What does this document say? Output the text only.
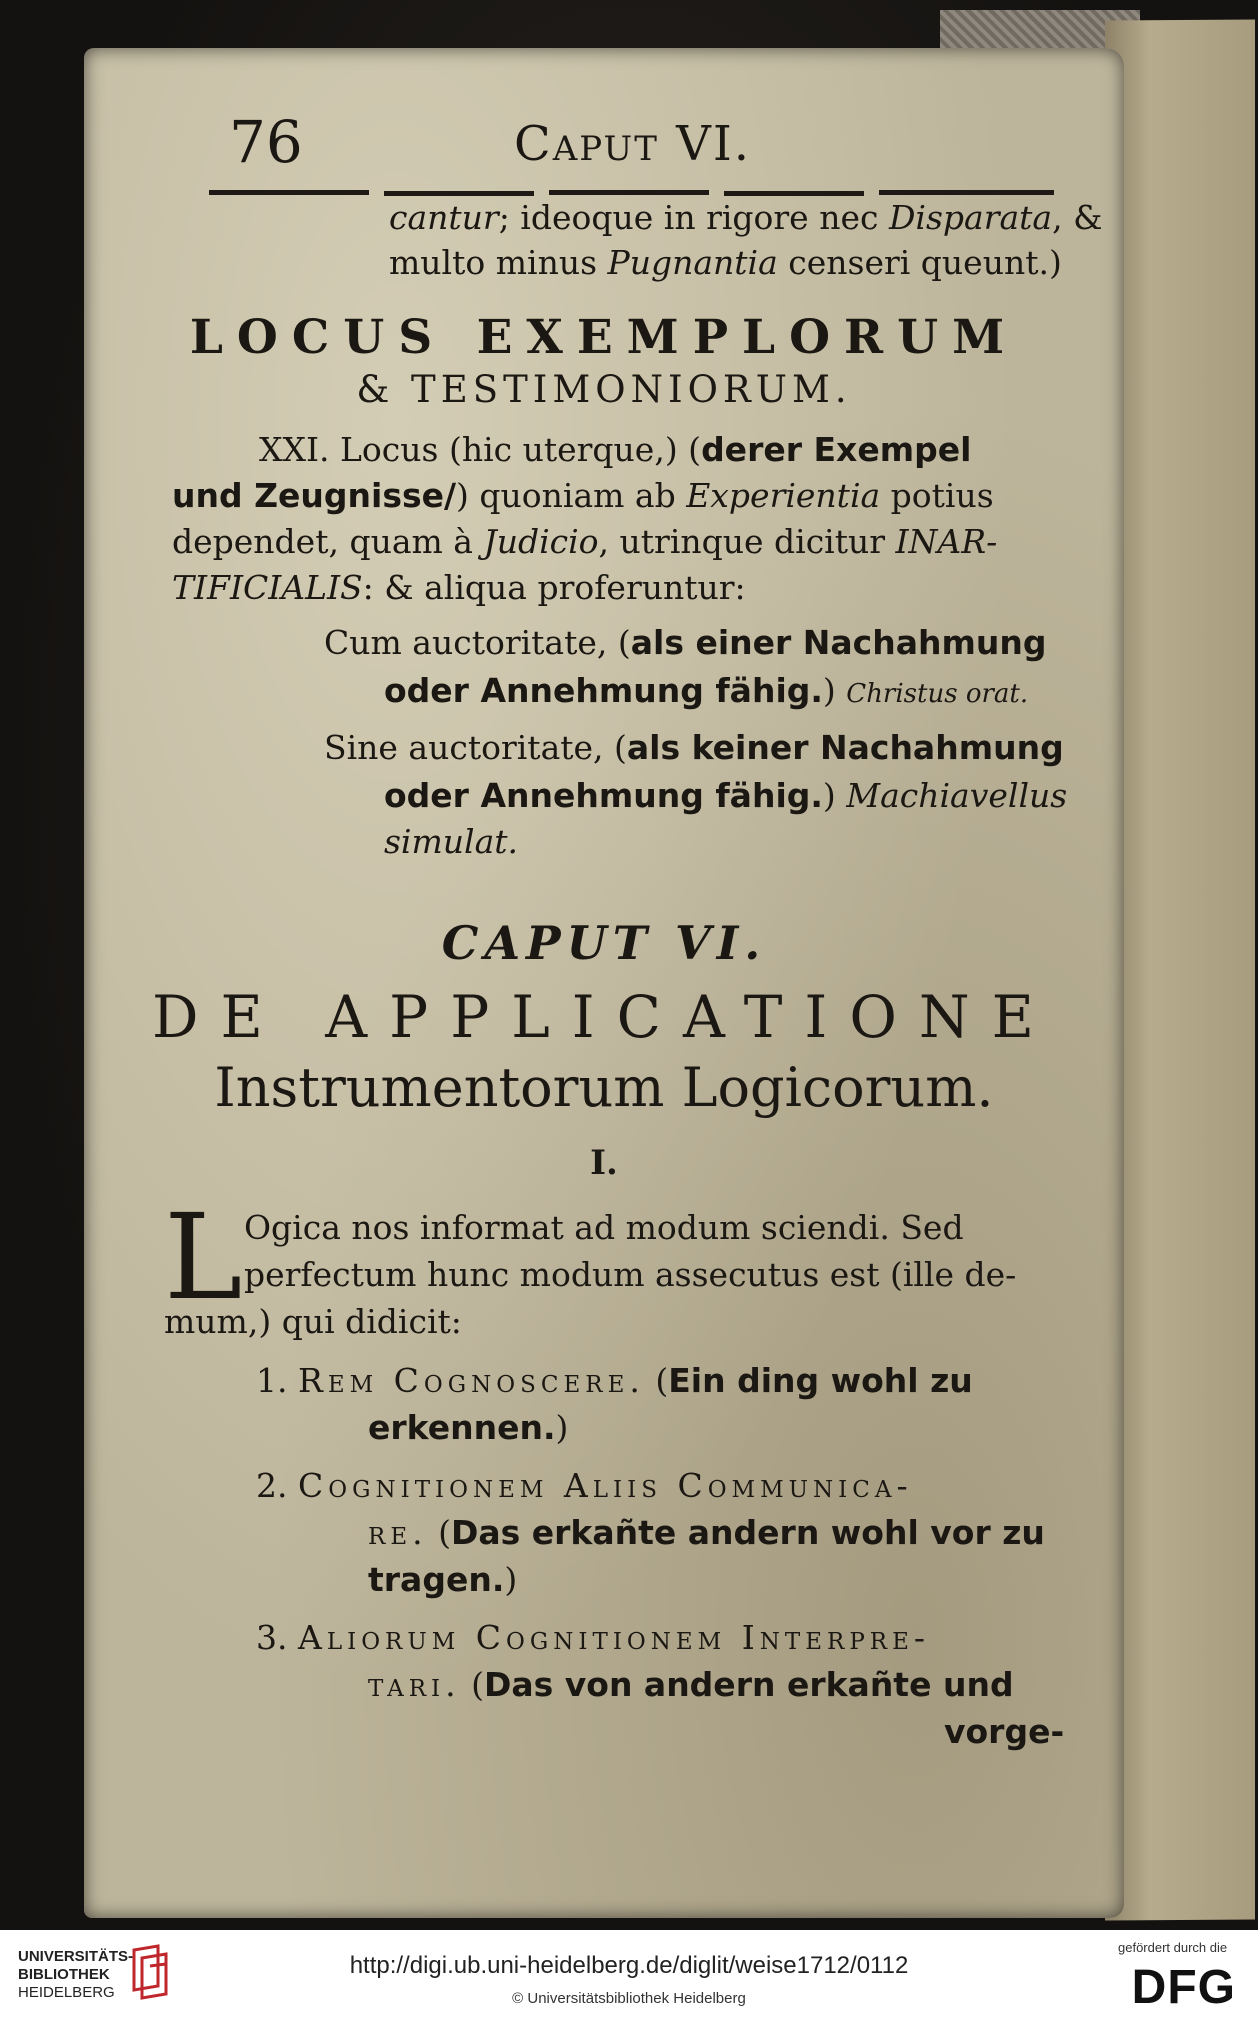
76	Caput VI.
cantur; ideoque in rigore nec Disparata, &
multo minus Pugnantia censeri queunt.)
LOCUS EXEMPLORUM
& TESTIMONIORUM.
XXI. Locus (hic uterque,) (derer Exempel
und Zeugnisse/) quoniam ab Experientia potius
dependet, quam à Judicio, utrinque dicitur INAR-
TIFICIALIS: & aliqua proferuntur:
Cum auctoritate, (als einer Nachahmung
oder Annehmung fähig.) Christus orat.
Sine auctoritate, (als keiner Nachahmung
oder Annehmung fähig.) Machiavellus
simulat.
CAPUT VI.
DE APPLICATIONE
Instrumentorum Logicorum.
I.
L Ogica nos informat ad modum sciendi. Sed
perfectum hunc modum assecutus est (ille de-
mum,) qui didicit:
1. Rem Cognoscere. (Ein ding wohl zu
erkennen.)
2. Cognitionem Aliis Communica-
re. (Das erkañte andern wohl vor zu
tragen.)
3. Aliorum Cognitionem Interpre-
tari. (Das von andern erkañte und
vorge-
UNIVERSITÄTS-
BIBLIOTHEK
HEIDELBERG
http://digi.ub.uni-heidelberg.de/diglit/weise1712/0112
© Universitätsbibliothek Heidelberg
gefördert durch die
DFG
